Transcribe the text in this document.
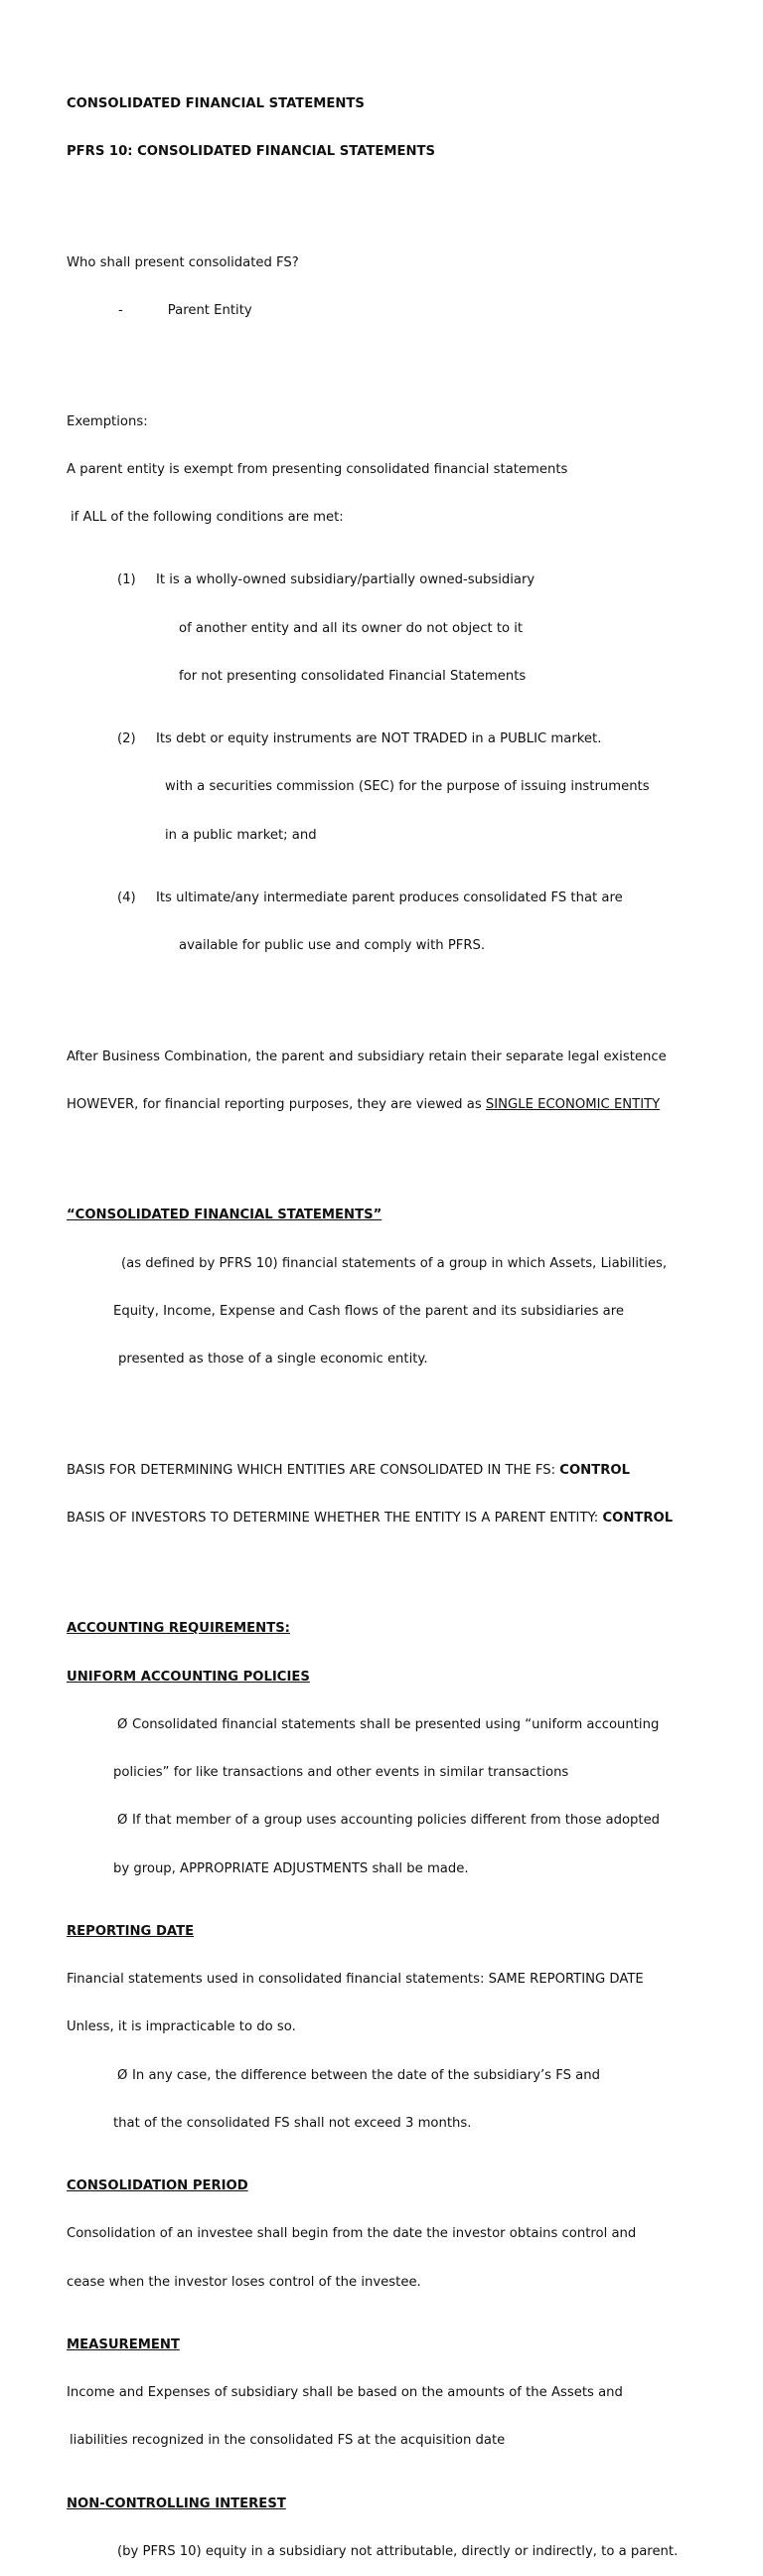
CONSOLIDATED FINANCIAL STATEMENTS

PFRS 10: CONSOLIDATED FINANCIAL STATEMENTS

Who shall present consolidated FS?

-	Parent Entity

Exemptions:

A parent entity is exempt from presenting consolidated financial statements

if ALL of the following conditions are met:

(1) It is a wholly-owned subsidiary/partially owned-subsidiary

of another entity and all its owner do not object to it

for not presenting consolidated Financial Statements

(2) Its debt or equity instruments are NOT TRADED in a PUBLIC market.

with a securities commission (SEC) for the purpose of issuing instruments

in a public market; and

(4) Its ultimate/any intermediate parent produces consolidated FS that are

available for public use and comply with PFRS.

After Business Combination, the parent and subsidiary retain their separate legal existence

HOWEVER, for financial reporting purposes, they are viewed as SINGLE ECONOMIC ENTITY

“CONSOLIDATED FINANCIAL STATEMENTS”

(as defined by PFRS 10) financial statements of a group in which Assets, Liabilities,

Equity, Income, Expense and Cash flows of the parent and its subsidiaries are

presented as those of a single economic entity.

BASIS FOR DETERMINING WHICH ENTITIES ARE CONSOLIDATED IN THE FS: CONTROL

BASIS OF INVESTORS TO DETERMINE WHETHER THE ENTITY IS A PARENT ENTITY: CONTROL

ACCOUNTING REQUIREMENTS:

UNIFORM ACCOUNTING POLICIES

Ø Consolidated financial statements shall be presented using “uniform accounting

policies” for like transactions and other events in similar transactions

Ø If that member of a group uses accounting policies different from those adopted

by group, APPROPRIATE ADJUSTMENTS shall be made.

REPORTING DATE

Financial statements used in consolidated financial statements: SAME REPORTING DATE

Unless, it is impracticable to do so.

Ø In any case, the difference between the date of the subsidiary’s FS and

that of the consolidated FS shall not exceed 3 months.

CONSOLIDATION PERIOD

Consolidation of an investee shall begin from the date the investor obtains control and

cease when the investor loses control of the investee.

MEASUREMENT

Income and Expenses of subsidiary shall be based on the amounts of the Assets and

liabilities recognized in the consolidated FS at the acquisition date

NON-CONTROLLING INTEREST

(by PFRS 10) equity in a subsidiary not attributable, directly or indirectly, to a parent.
